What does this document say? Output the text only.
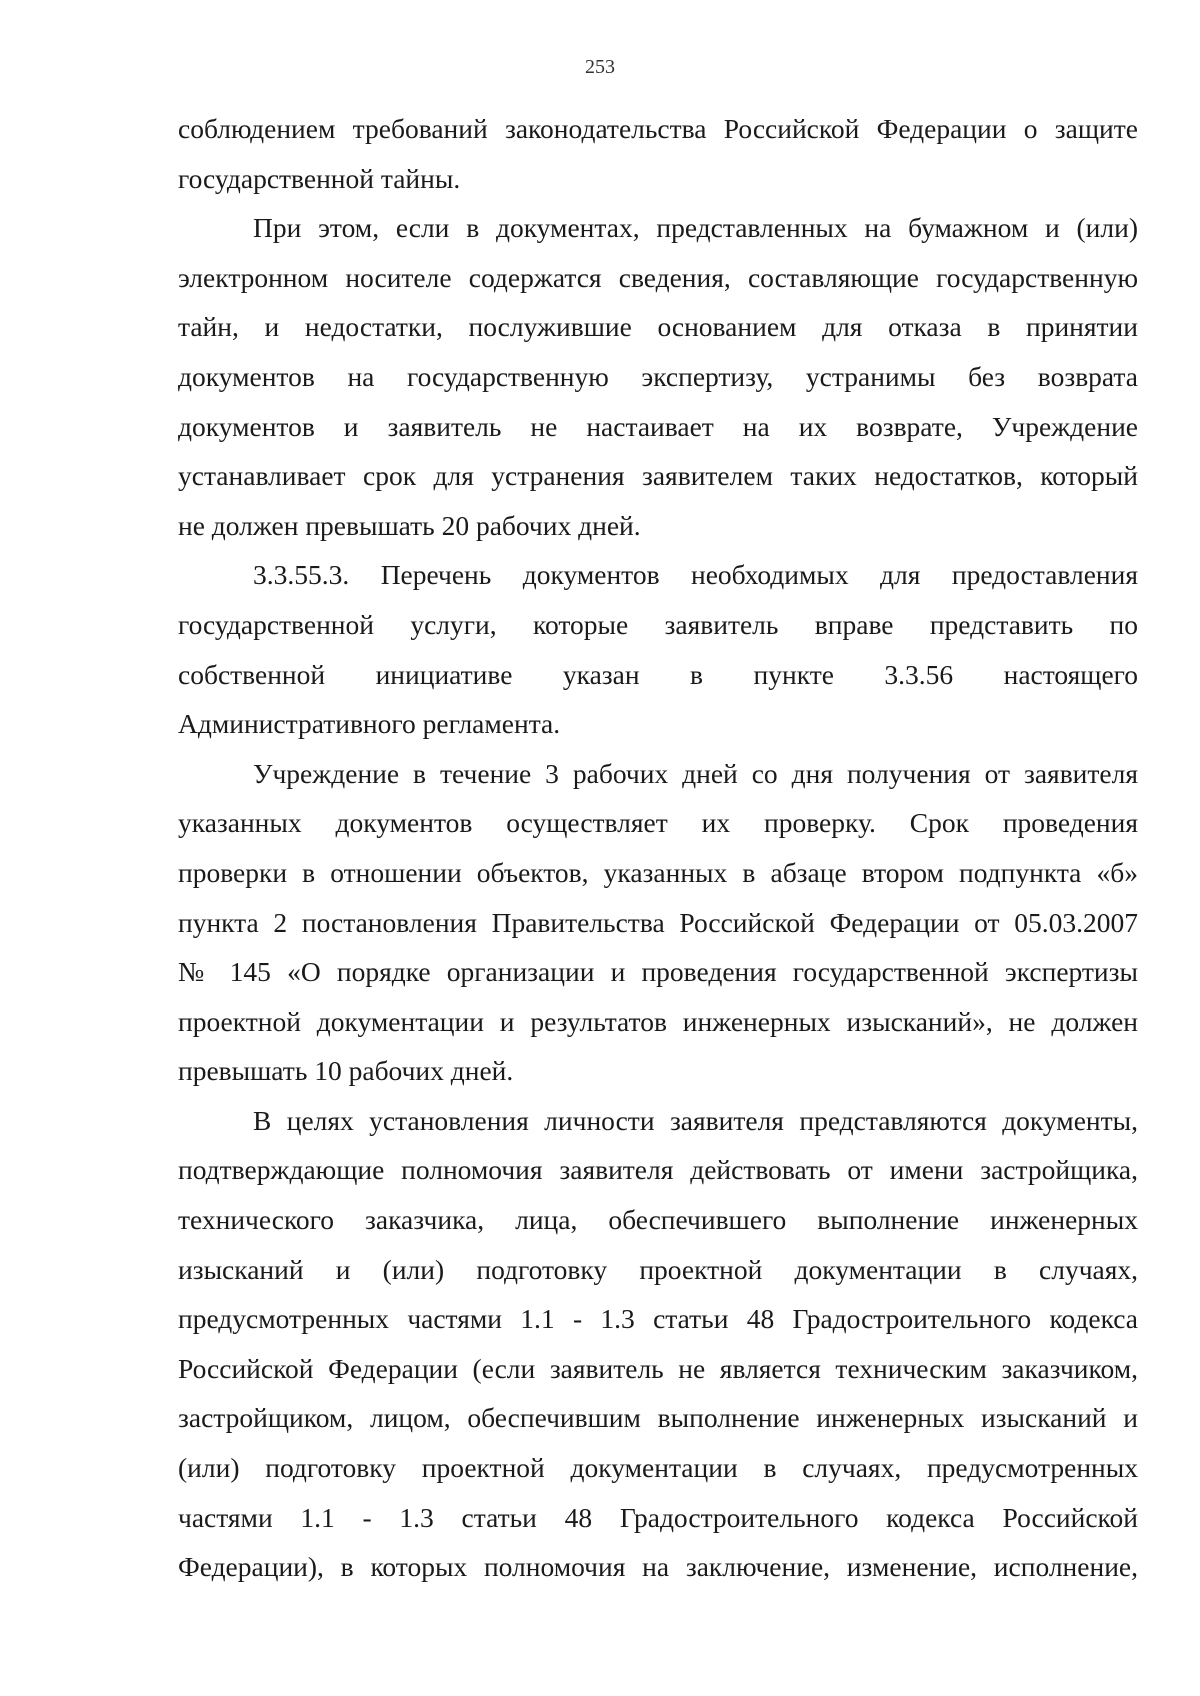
253
соблюдением требований законодательства Российской Федерации о защите
государственной тайны.
При этом, если в документах, представленных на бумажном и (или)
электронном носителе содержатся сведения, составляющие государственную
тайн, и недостатки, послужившие основанием для отказа в принятии
документов на государственную экспертизу, устранимы без возврата
документов и заявитель не настаивает на их возврате, Учреждение
устанавливает срок для устранения заявителем таких недостатков, который
не должен превышать 20 рабочих дней.
3.3.55.3. Перечень документов необходимых для предоставления
государственной услуги, которые заявитель вправе представить по
собственной инициативе указан в пункте 3.3.56 настоящего
Административного регламента.
Учреждение в течение 3 рабочих дней со дня получения от заявителя
указанных документов осуществляет их проверку. Срок проведения
проверки в отношении объектов, указанных в абзаце втором подпункта «б»
пункта 2 постановления Правительства Российской Федерации от 05.03.2007
№ 145 «О порядке организации и проведения государственной экспертизы
проектной документации и результатов инженерных изысканий», не должен
превышать 10 рабочих дней.
В целях установления личности заявителя представляются документы,
подтверждающие полномочия заявителя действовать от имени застройщика,
технического заказчика, лица, обеспечившего выполнение инженерных
изысканий и (или) подготовку проектной документации в случаях,
предусмотренных частями 1.1 - 1.3 статьи 48 Градостроительного кодекса
Российской Федерации (если заявитель не является техническим заказчиком,
застройщиком, лицом, обеспечившим выполнение инженерных изысканий и
(или) подготовку проектной документации в случаях, предусмотренных
частями 1.1 - 1.3 статьи 48 Градостроительного кодекса Российской
Федерации), в которых полномочия на заключение, изменение, исполнение,
